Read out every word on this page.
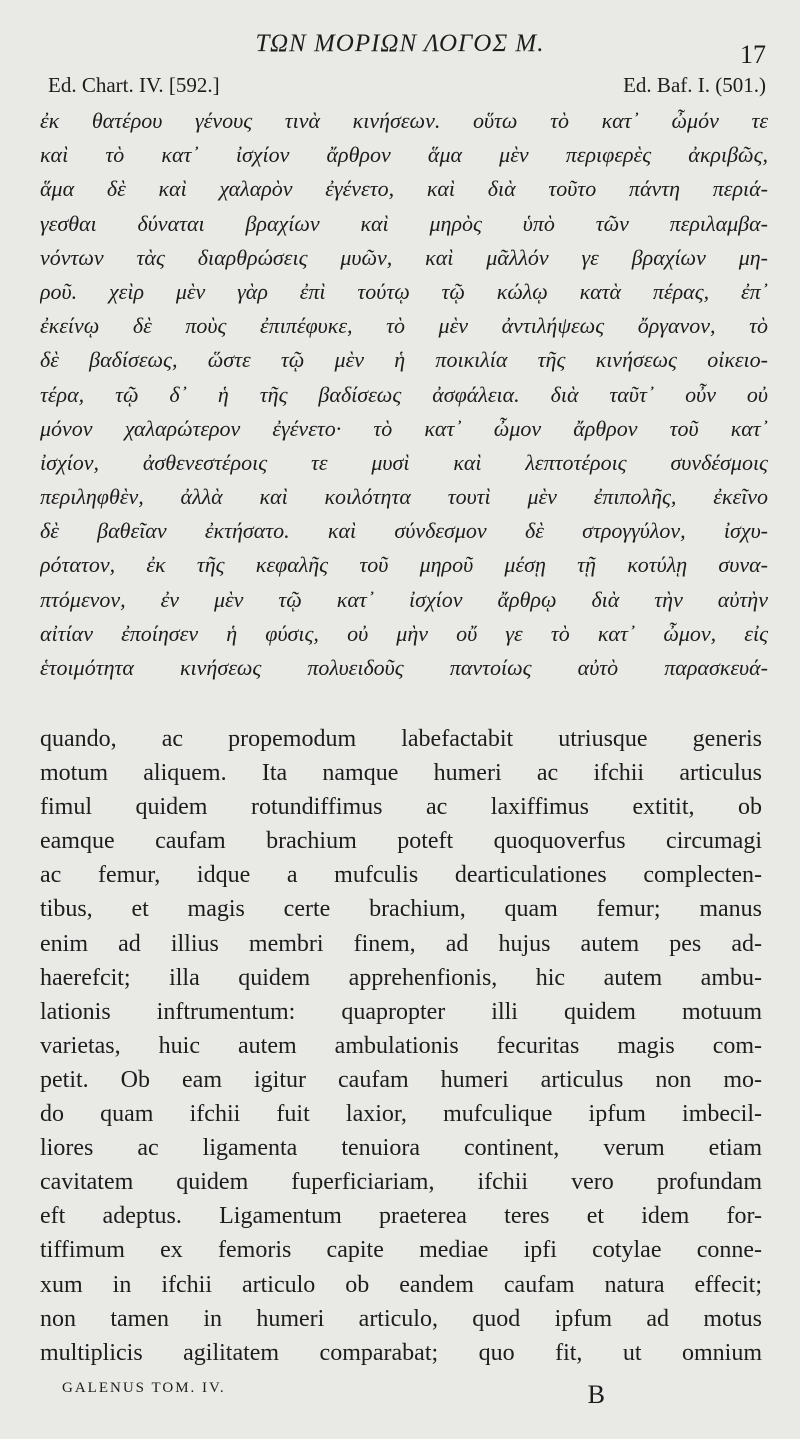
ΤΩΝ ΜΟΡΙΩΝ ΛΟΓΟΣ Μ.	17
Ed. Chart. IV. [592.]	Ed. Baf. I. (501.)
ἐκ θατέρου γένους τινὰ κινήσεων. οὕτω τὸ κατ᾽ ὦμόν τε
καὶ τὸ κατ᾽ ἰσχίον ἄρθρον ἅμα μὲν περιφερὲς ἀκριβῶς,
ἅμα δὲ καὶ χαλαρὸν ἐγένετο, καὶ διὰ τοῦτο πάντη περιά-
γεσθαι δύναται βραχίων καὶ μηρὸς ὑπὸ τῶν περιλαμβα-
νόντων τὰς διαρθρώσεις μυῶν, καὶ μᾶλλόν γε βραχίων μη-
ροῦ. χεὶρ μὲν γὰρ ἐπὶ τούτῳ τῷ κώλῳ κατὰ πέρας, ἐπ᾽
ἐκείνῳ δὲ ποὺς ἐπιπέφυκε, τὸ μὲν ἀντιλήψεως ὄργανον, τὸ
δὲ βαδίσεως, ὥστε τῷ μὲν ἡ ποικιλία τῆς κινήσεως οἰκειο-
τέρα, τῷ δ᾽ ἡ τῆς βαδίσεως ἀσφάλεια. διὰ ταῦτ᾽ οὖν οὐ
μόνον χαλαρώτερον ἐγένετο· τὸ κατ᾽ ὦμον ἄρθρον τοῦ κατ᾽
ἰσχίον, ἀσθενεστέροις τε μυσὶ καὶ λεπτοτέροις συνδέσμοις
περιληφθὲν, ἀλλὰ καὶ κοιλότητα τουτὶ μὲν ἐπιπολῆς, ἐκεῖνο
δὲ βαθεῖαν ἐκτήσατο. καὶ σύνδεσμον δὲ στρογγύλον, ἰσχυ-
ρότατον, ἐκ τῆς κεφαλῆς τοῦ μηροῦ μέσῃ τῇ κοτύλῃ συνα-
πτόμενον, ἐν μὲν τῷ κατ᾽ ἰσχίον ἄρθρῳ διὰ τὴν αὐτὴν
αἰτίαν ἐποίησεν ἡ φύσις, οὐ μὴν οὔ γε τὸ κατ᾽ ὦμον, εἰς
ἑτοιμότητα κινήσεως πολυειδοῦς παντοίως αὐτὸ παρασκευά-
quando, ac propemodum labefactabit utriusque generis
motum aliquem. Ita namque humeri ac ifchii articulus
fimul quidem rotundiffimus ac laxiffimus extitit, ob
eamque caufam brachium poteft quoquoverfus circumagi
ac femur, idque a mufculis dearticulationes complecten-
tibus, et magis certe brachium, quam femur; manus
enim ad illius membri finem, ad hujus autem pes ad-
haerefcit; illa quidem apprehenfionis, hic autem ambu-
lationis inftrumentum: quapropter illi quidem motuum
varietas, huic autem ambulationis fecuritas magis com-
petit. Ob eam igitur caufam humeri articulus non mo-
do quam ifchii fuit laxior, mufculique ipfum imbecil-
liores ac ligamenta tenuiora continent, verum etiam
cavitatem quidem fuperficiariam, ifchii vero profundam
eft adeptus. Ligamentum praeterea teres et idem for-
tiffimum ex femoris capite mediae ipfi cotylae conne-
xum in ifchii articulo ob eandem caufam natura effecit;
non tamen in humeri articulo, quod ipfum ad motus
multiplicis agilitatem comparabat; quo fit, ut omnium
GALENUS TOM. IV.	B
